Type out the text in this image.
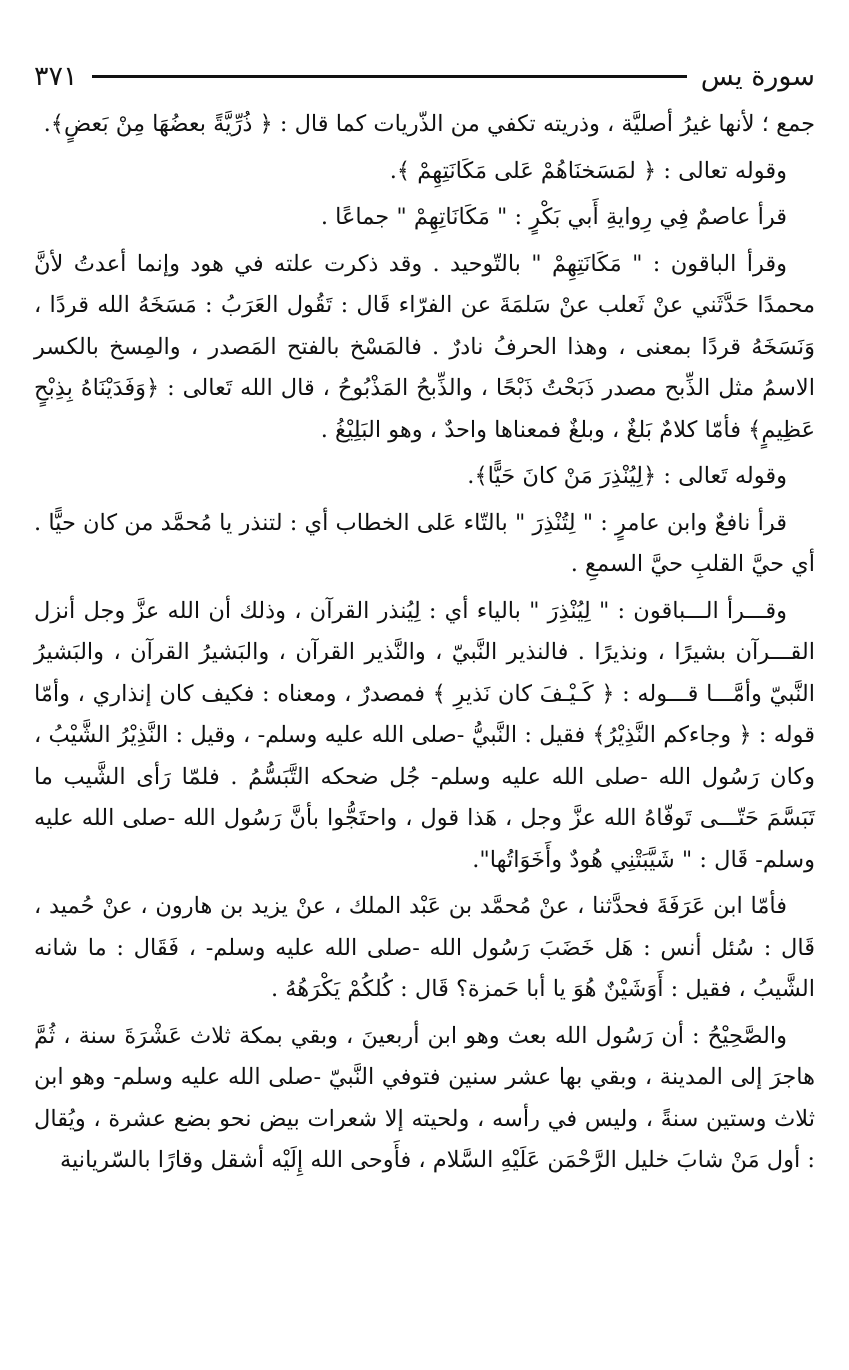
سورة يس
٣٧١

جمع ؛ لأنها غيرُ أصليَّة ، وذريته تكفي من الذّريات كما قال : ﴿ ذُرِّيَّةً بعضُهَا مِنْ بَعضٍ﴾.

وقوله تعالى : ﴿ لمَسَخنَاهُمْ عَلى مَكَانَتِهِمْ ﴾.

قرأ عاصمٌ فِي رِوايةِ أَبي بَكْرٍ : " مَكَانَاتِهِمْ " جماعًا .

وقرأ الباقون : " مَكَانَتِهِمْ " بالتّوحيد . وقد ذكرت علته في هود وإنما أعدتُ لأنَّ محمدًا حَدَّثَني عنْ ثَعلب عنْ سَلمَةَ عن الفرّاء قَال : تَقُول العَرَبُ : مَسَخَهُ الله قردًا ، وَنَسَخَهُ قردًا بمعنى ، وهذا الحرفُ نادرٌ . فالمَسْخ بالفتح المَصدر ، والمِسخ بالكسر الاسمُ مثل الذِّبح مصدر ذَبَحْتُ ذَبْحًا ، والذِّبحُ المَذْبُوحُ ، قال الله تَعالى : ﴿وَفَدَيْنَاهُ بِذِبْحٍ عَظِيمٍ﴾ فأمّا كلامٌ بَلغٌ ، وبلغٌ فمعناها واحدٌ ، وهو البَلِيْغُ .

وقوله تَعالى : ﴿لِيُنْذِرَ مَنْ كانَ حَيًّا﴾.

قرأ نافعٌ وابن عامرٍ : " لِتُنْذِرَ " بالتّاء عَلى الخطاب أي : لتنذر يا مُحمَّد من كان حيًّا . أي حيَّ القلبِ حيَّ السمعِ .

وقـــرأ الـــباقون : " لِيُنْذِرَ " بالياء أي : لِيُنذر القرآن ، وذلك أن الله عزَّ وجل أنزل القـــرآن بشيرًا ، ونذيرًا . فالنذير النَّبيّ ، والنَّذير القرآن ، والبَشيرُ القرآن ، والبَشيرُ النَّبيّ وأمَّـــا قـــوله : ﴿ كَـيْـفَ كان نَذيرِ ﴾ فمصدرٌ ، ومعناه : فكيف كان إنذاري ، وأمّا قوله : ﴿ وجاءكم النَّذِيْرُ﴾ فقيل : النَّبيُّ -صلى الله عليه وسلم- ، وقيل : النَّذِيْرُ الشَّيْبُ ، وكان رَسُول الله -صلى الله عليه وسلم- جُل ضحكه التَّبَسُّمُ . فلمّا رَأى الشَّيب ما تَبَسَّمَ حَتّـــى تَوفّاهُ الله عزَّ وجل ، هَذا قول ، واحتَجُّوا بأنَّ رَسُول الله -صلى الله عليه وسلم- قَال : " شَيَّبَتْنِي هُودٌ وأَخَوَاتُها".

فأمّا ابن عَرَفَةَ فحدَّثنا ، عنْ مُحمَّد بن عَبْد الملك ، عنْ يزيد بن هارون ، عنْ حُميد ، قَال : سُئل أنس : هَل خَضَبَ رَسُول الله -صلى الله عليه وسلم- ، فَقَال : ما شانه الشَّيبُ ، فقيل : أَوَشَيْنٌ هُوَ يا أبا حَمزة؟ قَال : كُلكُمْ يَكْرَهُهُ .

والصَّحِيْحُ : أن رَسُول الله بعث وهو ابن أربعينَ ، وبقي بمكة ثلاث عَشْرَةَ سنة ، ثُمَّ هاجرَ إلى المدينة ، وبقي بها عشر سنين فتوفي النَّبيّ -صلى الله عليه وسلم- وهو ابن ثلاث وستين سنةً ، وليس في رأسه ، ولحيته إلا شعرات بيض نحو بضع عشرة ، ويُقال : أول مَنْ شابَ خليل الرَّحْمَن عَلَيْهِ السَّلام ، فأَوحى الله إِلَيْه أشقل وقارًا بالسّريانية
